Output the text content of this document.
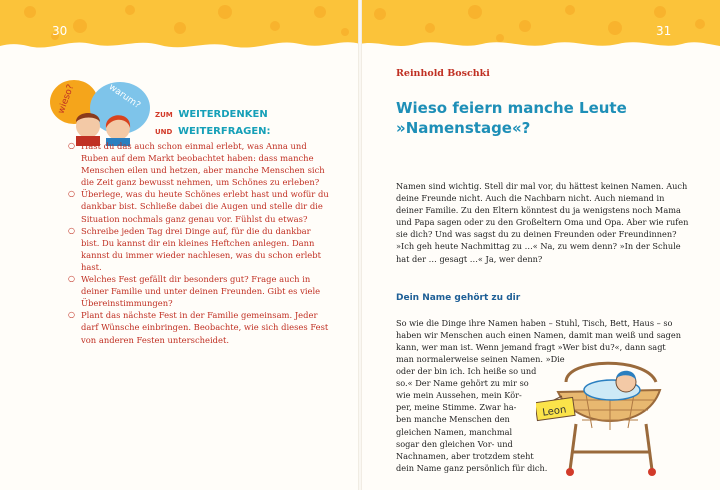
30
wieso?	warum?
ZUM WEITERDENKEN
UND WEITERFRAGEN:
○ Hast du das auch schon einmal erlebt, was Anna und Ruben auf dem Markt beobachtet haben: dass manche Menschen eilen und hetzen, aber manche Menschen sich die Zeit ganz bewusst nehmen, um Schönes zu erleben?
○ Überlege, was du heute Schönes erlebt hast und wofür du dankbar bist. Schließe dabei die Augen und stelle dir die Situation nochmals ganz genau vor. Fühlst du etwas?
○ Schreibe jeden Tag drei Dinge auf, für die du dankbar bist. Du kannst dir ein kleines Heftchen anlegen. Dann kannst du immer wieder nachlesen, was du schon erlebt hast.
○ Welches Fest gefällt dir besonders gut? Frage auch in deiner Familie und unter deinen Freunden. Gibt es viele Übereinstimmungen?
○ Plant das nächste Fest in der Familie gemeinsam. Jeder darf Wünsche einbringen. Beobachte, wie sich dieses Fest von anderen Festen unterscheidet.
31
Reinhold Boschki
Wieso feiern manche Leute
»Namenstage«?

Namen sind wichtig. Stell dir mal vor, du hättest keinen Namen. Auch deine Freunde nicht. Auch die Nachbarn nicht. Auch niemand in deiner Familie. Zu den Eltern könntest du ja wenigstens noch Mama und Papa sagen oder zu den Großeltern Oma und Opa. Aber wie rufen sie dich? Und was sagst du zu deinen Freunden oder Freundinnen? »Ich geh heute Nachmittag zu …« Na, zu wem denn? »In der Schule hat der … gesagt …« Ja, wer denn?

Dein Name gehört zu dir

So wie die Dinge ihre Namen haben – Stuhl, Tisch, Bett, Haus – so haben wir Menschen auch einen Namen, damit man weiß und sagen kann, wer man ist. Wenn jemand fragt »Wer bist du?«, dann sagt

man normalerweise seinen Namen. »Die
oder der bin ich. Ich heiße so und
so.« Der Name gehört zu mir so
wie mein Aussehen, mein Kör-
per, meine Stimme. Zwar ha-
ben manche Menschen den
gleichen Namen, manchmal
sogar den gleichen Vor- und
Nachnamen, aber trotzdem steht
dein Name ganz persönlich für dich.
Leon
